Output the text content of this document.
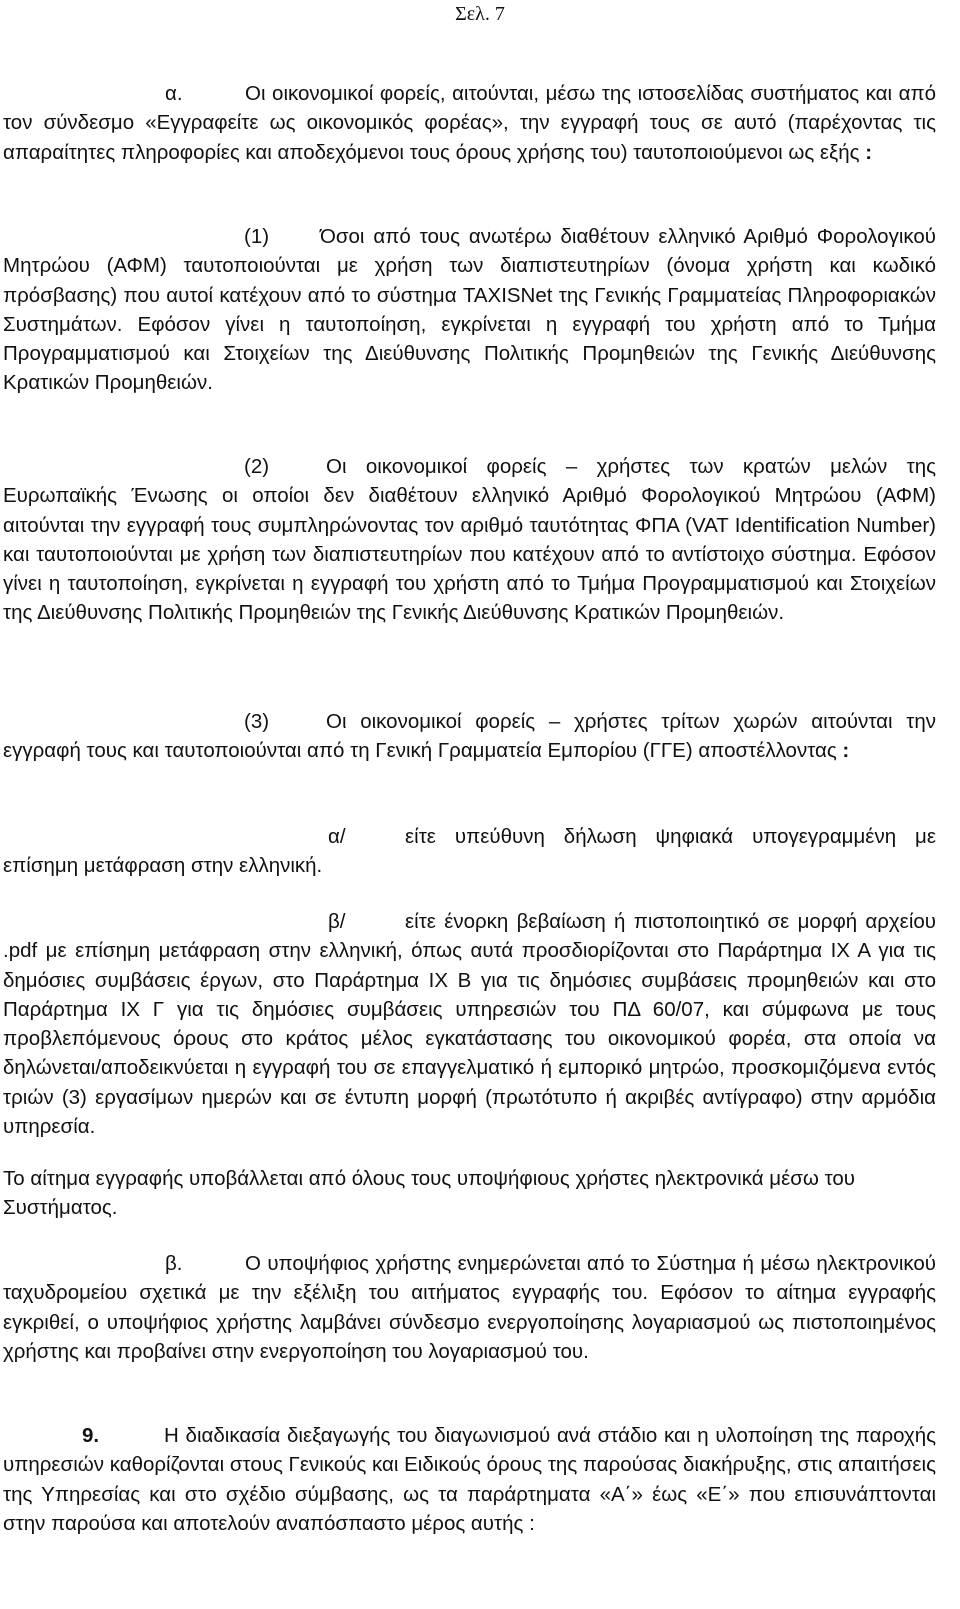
Σελ. 7

α.	Οι οικονομικοί φορείς, αιτούνται, μέσω της ιστοσελίδας συστήματος και από τον σύνδεσμο «Εγγραφείτε ως οικονομικός φορέας», την εγγραφή τους σε αυτό (παρέχοντας τις απαραίτητες πληροφορίες και αποδεχόμενοι τους όρους χρήσης του) ταυτοποιούμενοι ως εξής :

(1) Όσοι από τους ανωτέρω διαθέτουν ελληνικό Αριθμό Φορολογικού Μητρώου (ΑΦΜ) ταυτοποιούνται με χρήση των διαπιστευτηρίων (όνομα χρήστη και κωδικό πρόσβασης) που αυτοί κατέχουν από το σύστημα TAXISNet της Γενικής Γραμματείας Πληροφοριακών Συστημάτων. Εφόσον γίνει η ταυτοποίηση, εγκρίνεται η εγγραφή του χρήστη από το Τμήμα Προγραμματισμού και Στοιχείων της Διεύθυνσης Πολιτικής Προμηθειών της Γενικής Διεύθυνσης Κρατικών Προμηθειών.

(2)	Οι οικονομικοί φορείς – χρήστες των κρατών μελών της Ευρωπαϊκής Ένωσης οι οποίοι δεν διαθέτουν ελληνικό Αριθμό Φορολογικού Μητρώου (ΑΦΜ) αιτούνται την εγγραφή τους συμπληρώνοντας τον αριθμό ταυτότητας ΦΠΑ (VAT Identification Number) και ταυτοποιούνται με χρήση των διαπιστευτηρίων που κατέχουν από το αντίστοιχο σύστημα. Εφόσον γίνει η ταυτοποίηση, εγκρίνεται η εγγραφή του χρήστη από το Τμήμα Προγραμματισμού και Στοιχείων της Διεύθυνσης Πολιτικής Προμηθειών της Γενικής Διεύθυνσης Κρατικών Προμηθειών.

(3)	Οι οικονομικοί φορείς – χρήστες τρίτων χωρών αιτούνται την εγγραφή τους και ταυτοποιούνται από τη Γενική Γραμματεία Εμπορίου (ΓΓΕ) αποστέλλοντας :

α/	είτε υπεύθυνη δήλωση ψηφιακά υπογεγραμμένη με επίσημη μετάφραση στην ελληνική.

β/	είτε ένορκη βεβαίωση ή πιστοποιητικό σε μορφή αρχείου .pdf με επίσημη μετάφραση στην ελληνική, όπως αυτά προσδιορίζονται στο Παράρτημα ΙΧ Α για τις δημόσιες συμβάσεις έργων, στο Παράρτημα ΙΧ Β για τις δημόσιες συμβάσεις προμηθειών και στο Παράρτημα ΙΧ Γ για τις δημόσιες συμβάσεις υπηρεσιών του ΠΔ 60/07, και σύμφωνα με τους προβλεπόμενους όρους στο κράτος μέλος εγκατάστασης του οικονομικού φορέα, στα οποία να δηλώνεται/αποδεικνύεται η εγγραφή του σε επαγγελματικό ή εμπορικό μητρώο, προσκομιζόμενα εντός τριών (3) εργασίμων ημερών και σε έντυπη μορφή (πρωτότυπο ή ακριβές αντίγραφο) στην αρμόδια υπηρεσία.

Το αίτημα εγγραφής υποβάλλεται από όλους τους υποψήφιους χρήστες ηλεκτρονικά μέσω του Συστήματος.

β.	Ο υποψήφιος χρήστης ενημερώνεται από το Σύστημα ή μέσω ηλεκτρονικού ταχυδρομείου σχετικά με την εξέλιξη του αιτήματος εγγραφής του. Εφόσον το αίτημα εγγραφής εγκριθεί, ο υποψήφιος χρήστης λαμβάνει σύνδεσμο ενεργοποίησης λογαριασμού ως πιστοποιημένος χρήστης και προβαίνει στην ενεργοποίηση του λογαριασμού του.

9.	Η διαδικασία διεξαγωγής του διαγωνισμού ανά στάδιο και η υλοποίηση της παροχής υπηρεσιών καθορίζονται στους Γενικούς και Ειδικούς όρους της παρούσας διακήρυξης, στις απαιτήσεις της Υπηρεσίας και στο σχέδιο σύμβασης, ως τα παράρτηματα «Α΄» έως «Ε΄» που επισυνάπτονται στην παρούσα και αποτελούν αναπόσπαστο μέρος αυτής :
